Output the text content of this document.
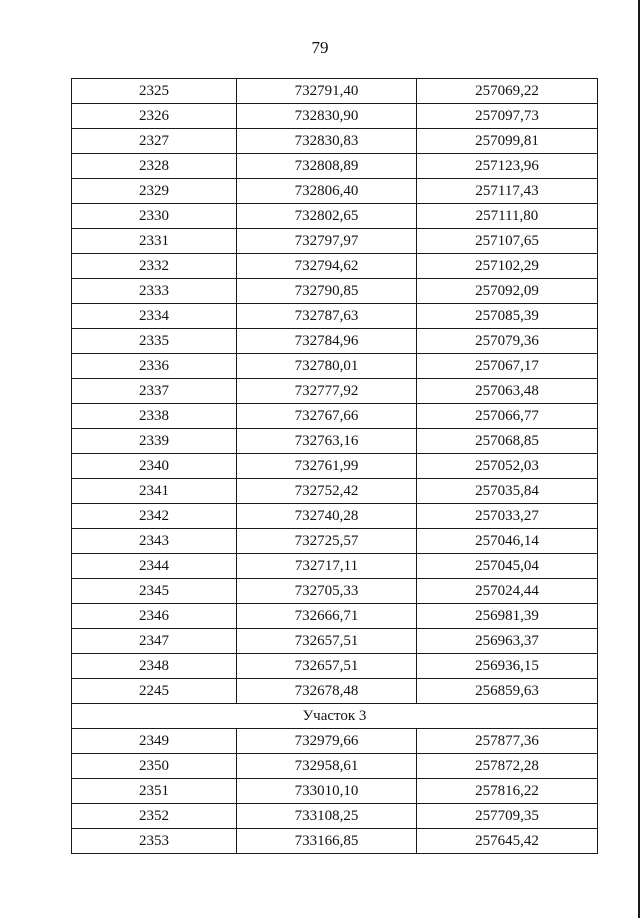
79
2325	732791,40	257069,22
2326	732830,90	257097,73
2327	732830,83	257099,81
2328	732808,89	257123,96
2329	732806,40	257117,43
2330	732802,65	257111,80
2331	732797,97	257107,65
2332	732794,62	257102,29
2333	732790,85	257092,09
2334	732787,63	257085,39
2335	732784,96	257079,36
2336	732780,01	257067,17
2337	732777,92	257063,48
2338	732767,66	257066,77
2339	732763,16	257068,85
2340	732761,99	257052,03
2341	732752,42	257035,84
2342	732740,28	257033,27
2343	732725,57	257046,14
2344	732717,11	257045,04
2345	732705,33	257024,44
2346	732666,71	256981,39
2347	732657,51	256963,37
2348	732657,51	256936,15
2245	732678,48	256859,63
Участок 3		
2349	732979,66	257877,36
2350	732958,61	257872,28
2351	733010,10	257816,22
2352	733108,25	257709,35
2353	733166,85	257645,42
